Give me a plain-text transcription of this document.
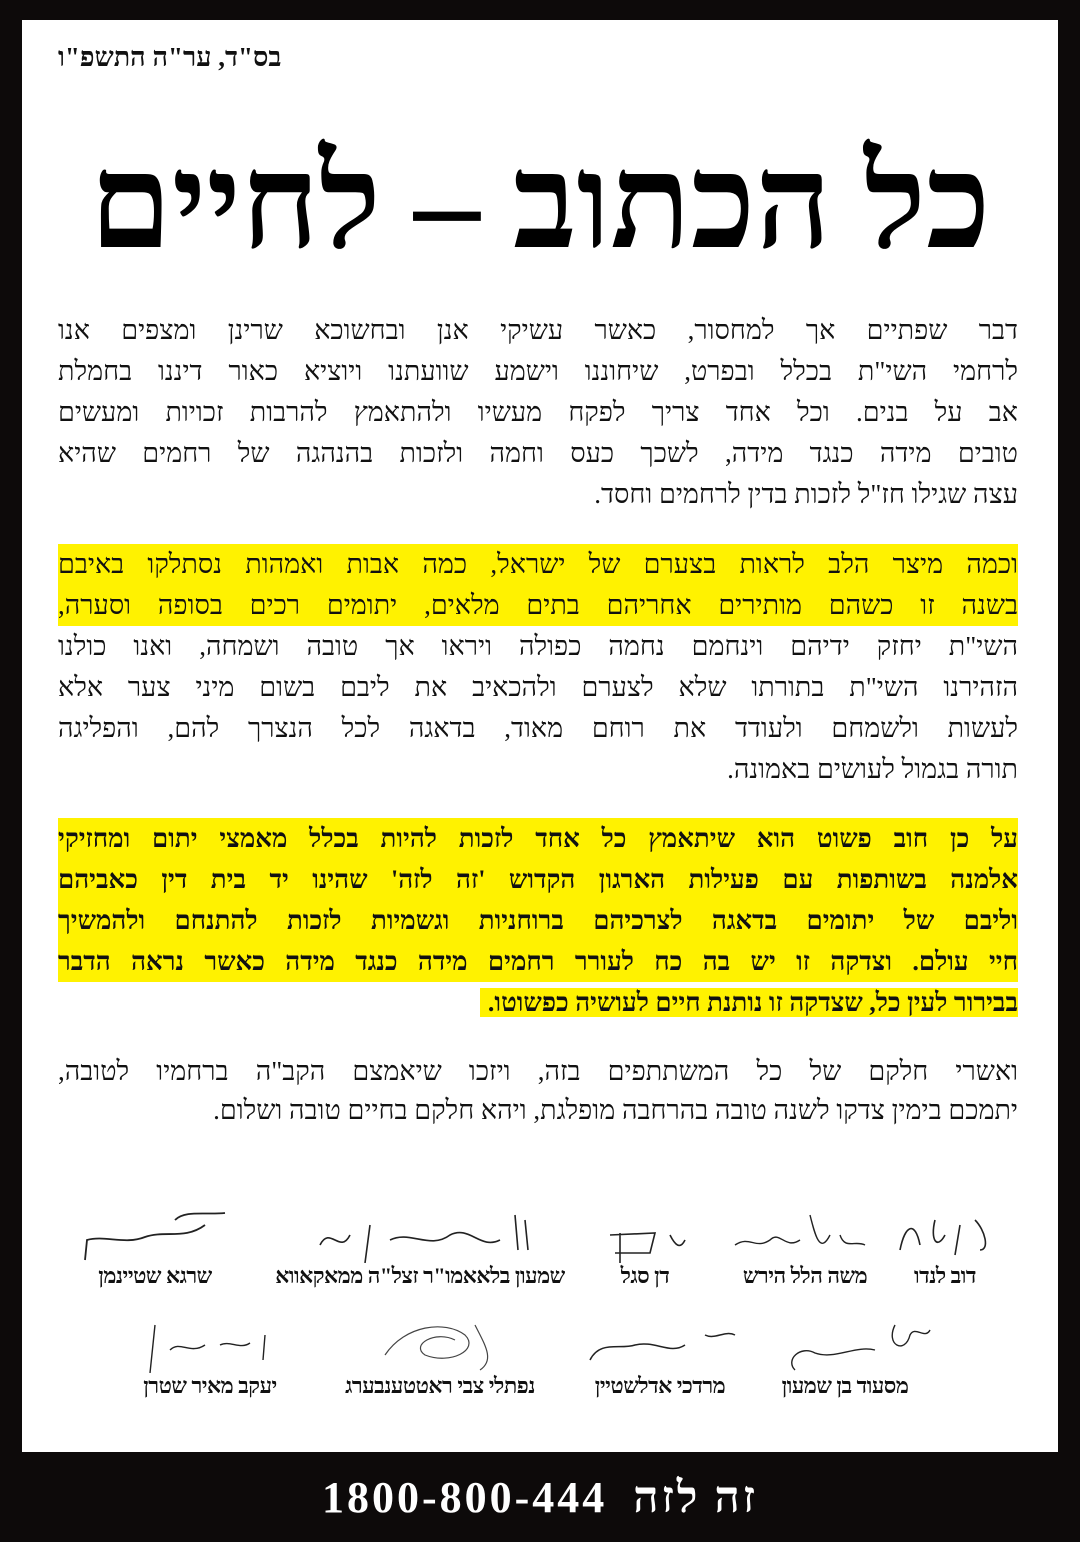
בס"ד, ער"ה התשפ"ו
כל הכתוב – לחיים
דבר שפתיים אך למחסור, כאשר עשיקי אנן ובחשוכא שרינן ומצפים אנו
לרחמי השי"ת בכלל ובפרט, שיחוננו וישמע שוועתנו ויוציא כאור דיננו בחמלת
אב על בנים. וכל אחד צריך לפקח מעשיו ולהתאמץ להרבות זכויות ומעשים
טובים מידה כנגד מידה, לשכך כעס וחמה ולזכות בהנהגה של רחמים שהיא
עצה שגילו חז"ל לזכות בדין לרחמים וחסד.
וכמה מיצר הלב לראות בצערם של ישראל, כמה אבות ואמהות נסתלקו באיבם
בשנה זו כשהם מותירים אחריהם בתים מלאים, יתומים רכים בסופה וסערה,
השי"ת יחזק ידיהם וינחמם נחמה כפולה ויראו אך טובה ושמחה, ואנו כולנו
הזהירנו השי"ת בתורתו שלא לצערם ולהכאיב את ליבם בשום מיני צער אלא
לעשות ולשמחם ולעודד את רוחם מאוד, בדאגה לכל הנצרך להם, והפליגה
תורה בגמול לעושים באמונה.
על כן חוב פשוט הוא שיתאמץ כל אחד לזכות להיות בכלל מאמצי יתום ומחזיקי
אלמנה בשותפות עם פעילות הארגון הקדוש 'זה לזה' שהינו יד בית דין כאביהם
וליבם של יתומים בדאגה לצרכיהם ברוחניות וגשמיות לזכות להתנחם ולהמשיך
חיי עולם. וצדקה זו יש בה כח לעורר רחמים מידה כנגד מידה כאשר נראה הדבר
בבירור לעין כל, שצדקה זו נותנת חיים לעושיה כפשוטו.
ואשרי חלקם של כל המשתתפים בזה, ויזכו שיאמצם הקב"ה ברחמיו לטובה,
יתמכם בימין צדקו לשנה טובה בהרחבה מופלגת, ויהא חלקם בחיים טובה ושלום.
דוב לנדו
משה הלל הירש
דן סגל
שמעון בלאאמו"ר זצל"ה ממאקאווא
שרגא שטיינמן
מסעוד בן שמעון
מרדכי אדלשטיין
נפתלי צבי ראטטענבערג
יעקב מאיר שטרן
זה לזה
1800-800-444
